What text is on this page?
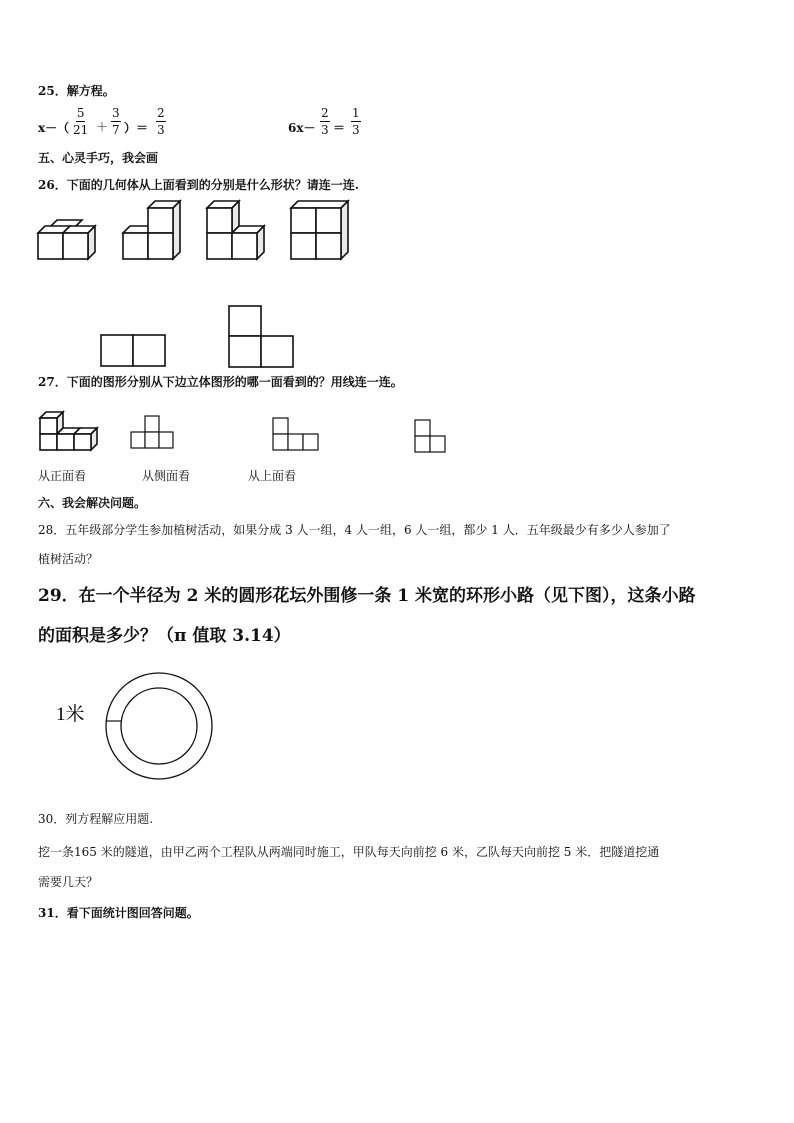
25．解方程。
$x-( \frac{5}{21} + \frac{3}{7}$ ）＝ $\frac{2}{3}$	$6x- \frac{2}{3} = \frac{1}{3}$
五、心灵手巧，我会画
26．下面的几何体从上面看到的分别是什么形状？请连一连.
27．下面的图形分别从下边立体图形的哪一面看到的？用线连一连。
从正面看	从侧面看	从上面看
六、我会解决问题。
28．五年级部分学生参加植树活动，如果分成 3 人一组，4 人一组，6 人一组，都少 1 人．五年级最少有多少人参加了
植树活动？
29．在一个半径为 2 米的圆形花坛外围修一条 1 米宽的环形小路（见下图），这条小路
的面积是多少？（π 值取 3.14）
1米
30．列方程解应用题.
挖一条165 米的隧道，由甲乙两个工程队从两端同时施工，甲队每天向前挖 6 米，乙队每天向前挖 5 米．把隧道挖通
需要几天？
31．看下面统计图回答问题。
